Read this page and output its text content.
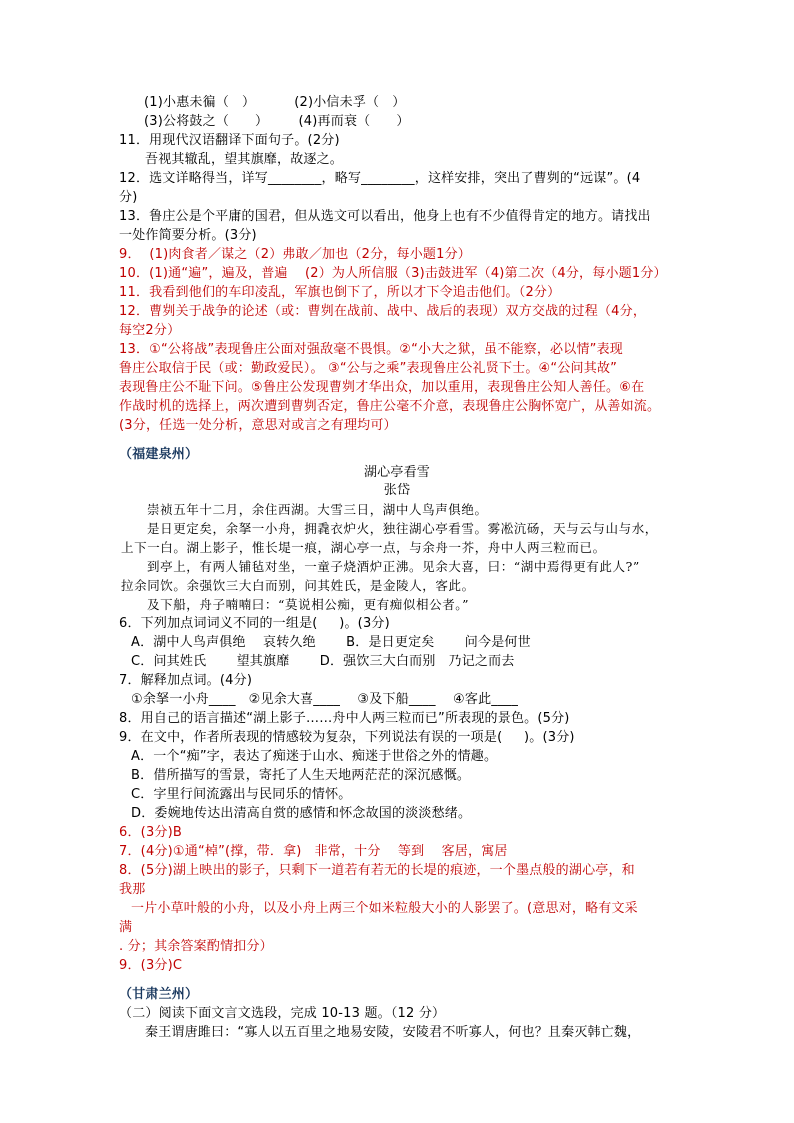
(1)小惠未徧（   ）         (2)小信未孚（   ）
(3)公将鼓之（      ）       (4)再而衰（      ）
11．用现代汉语翻译下面句子。(2分)
吾视其辙乱，望其旗靡，故逐之。
12．选文详略得当，详写________，略写________，这样安排，突出了曹刿的“远谋”。(4
分)
13．鲁庄公是个平庸的国君，但从选文可以看出，他身上也有不少值得肯定的地方。请找出
一处作简要分析。(3分)
9．  (1)肉食者／谋之（2）弗敢／加也（2分，每小题1分）
10．(1)通“遍”，遍及，普遍    (2）为人所信服（3)击鼓进军（4)第二次（4分，每小题1分）
11．我看到他们的车印凌乱，军旗也倒下了，所以才下令追击他们。（2分）
12．曹刿关于战争的论述（或：曹刿在战前、战中、战后的表现）双方交战的过程（4分，
每空2分）
13．①“公将战”表现鲁庄公面对强敌毫不畏惧。②“小大之狱，虽不能察，必以情”表现
鲁庄公取信于民（或：勤政爱民）。 ③“公与之乘”表现鲁庄公礼贤下士。④“公问其故”
表现鲁庄公不耻下问。⑤鲁庄公发现曹刿才华出众，加以重用，表现鲁庄公知人善任。⑥在
作战时机的选择上，两次遭到曹刿否定，鲁庄公毫不介意，表现鲁庄公胸怀宽广，从善如流。
(3分，任选一处分析，意思对或言之有理均可）
（福建泉州）
湖心亭看雪
张岱
崇祯五年十二月，余住西湖。大雪三日，湖中人鸟声俱绝。
是日更定矣，余拏一小舟，拥毳衣炉火，独往湖心亭看雪。雾凇沆砀，天与云与山与水，
上下一白。湖上影子，惟长堤一痕，湖心亭一点，与余舟一芥，舟中人两三粒而已。
到亭上，有两人铺毡对坐，一童子烧酒炉正沸。见余大喜，曰：“湖中焉得更有此人?”
拉余同饮。余强饮三大白而别，问其姓氏，是金陵人，客此。
及下船，舟子喃喃曰：“莫说相公痴，更有痴似相公者。”
6．下列加点词词义不同的一组是(     )。(3分)
A．湖中人鸟声俱绝    哀转久绝       B．是日更定矣       问今是何世
C．问其姓氏       望其旗靡       D．强饮三大白而别   乃记之而去
7．解释加点词。(4分)
①余拏一小舟____   ②见余大喜____    ③及下船____    ④客此____
8．用自己的语言描述“湖上影子……舟中人两三粒而已”所表现的景色。(5分)
9．在文中，作者所表现的情感较为复杂，下列说法有误的一项是(     )。(3分)
A．一个“痴”字，表达了痴迷于山水、痴迷于世俗之外的情趣。
B．借所描写的雪景，寄托了人生天地两茫茫的深沉感慨。
C．字里行间流露出与民同乐的情怀。
D．委婉地传达出清高自赏的感情和怀念故国的淡淡愁绪。
6．(3分)B
7．(4分)①通“棹”(撑，带．拿)   非常，十分    等到    客居，寓居
8．(5分)湖上映出的影子，只剩下一道若有若无的长堤的痕迹，一个墨点般的湖心亭，和
我那
一片小草叶般的小舟，以及小舟上两三个如米粒般大小的人影罢了。(意思对，略有文采
满
. 分；其余答案酌情扣分）
9．(3分)C
（甘肃兰州）
（二）阅读下面文言文选段，完成 10-13 题。（12 分）
秦王谓唐雎曰：“寡人以五百里之地易安陵，安陵君不听寡人，何也？且秦灭韩亡魏，
